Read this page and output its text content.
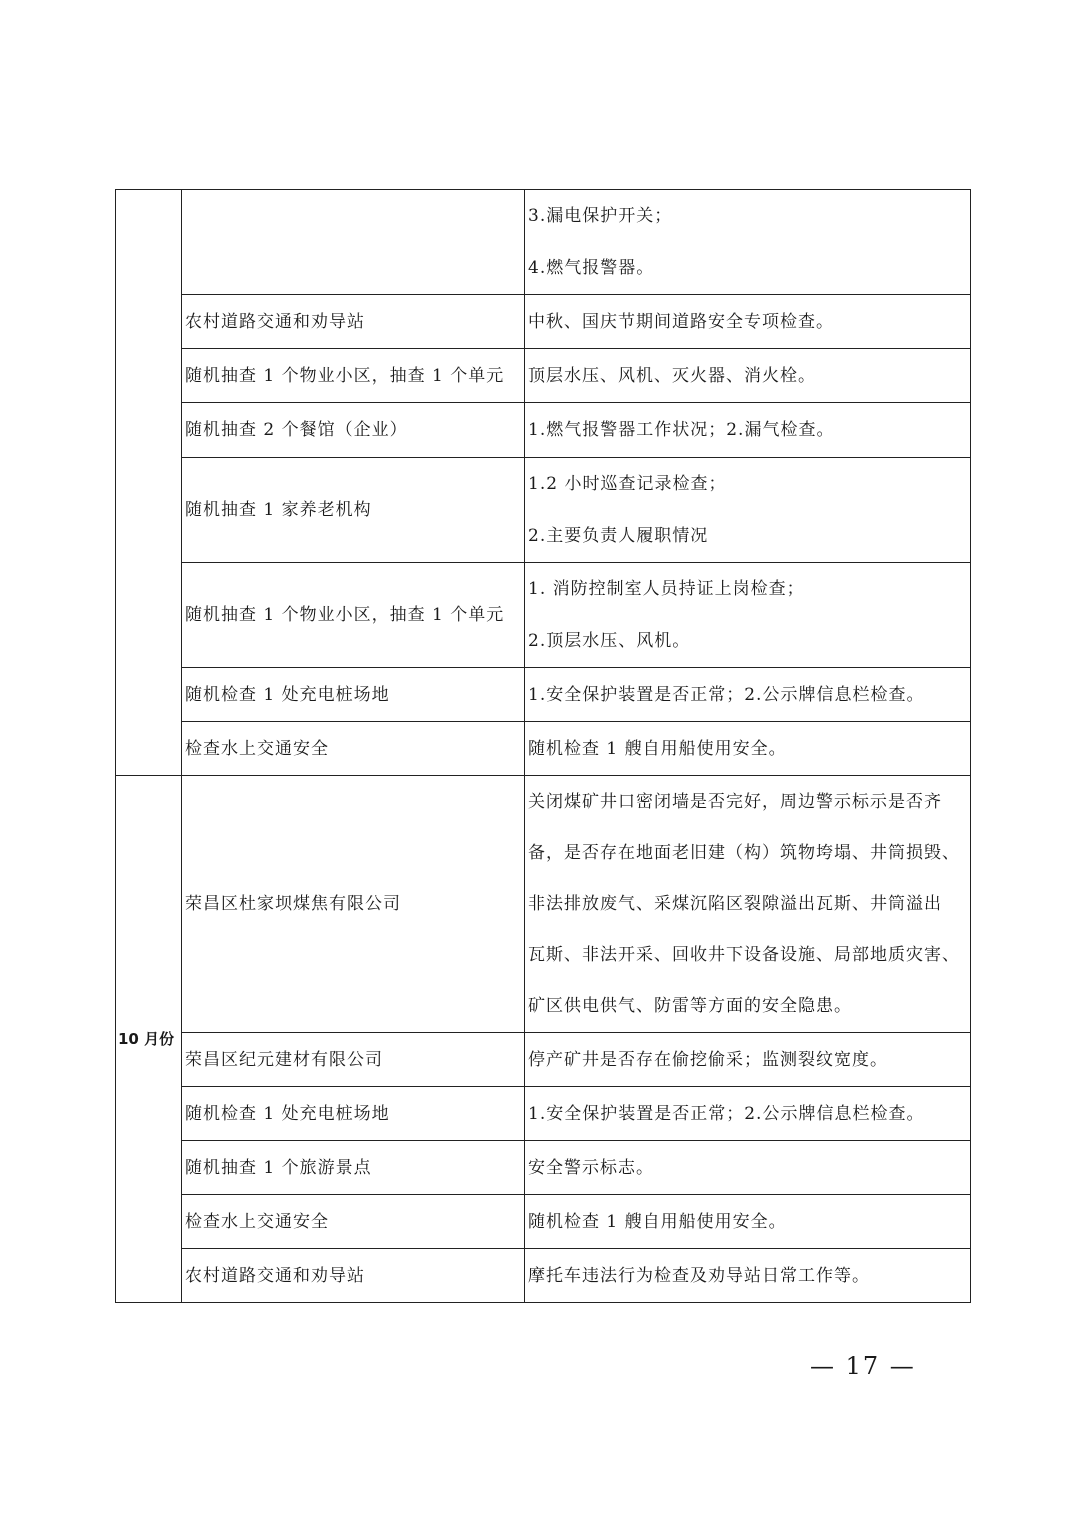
		3.漏电保护开关；
4.燃气报警器。

	农村道路交通和劝导站	中秋、国庆节期间道路安全专项检查。

	随机抽查 1 个物业小区，抽查 1 个单元	顶层水压、风机、灭火器、消火栓。

	随机抽查 2 个餐馆（企业）	1.燃气报警器工作状况；2.漏气检查。

	随机抽查 1 家养老机构	1.2 小时巡查记录检查；
2.主要负责人履职情况

	随机抽查 1 个物业小区，抽查 1 个单元	1. 消防控制室人员持证上岗检查；
2.顶层水压、风机。

	随机检查 1 处充电桩场地	1.安全保护装置是否正常；2.公示牌信息栏检查。

	检查水上交通安全	随机检查 1 艘自用船使用安全。

10 月份	荣昌区杜家坝煤焦有限公司	关闭煤矿井口密闭墙是否完好，周边警示标示是否齐
备，是否存在地面老旧建（构）筑物垮塌、井筒损毁、
非法排放废气、采煤沉陷区裂隙溢出瓦斯、井筒溢出
瓦斯、非法开采、回收井下设备设施、局部地质灾害、
矿区供电供气、防雷等方面的安全隐患。

	荣昌区纪元建材有限公司	停产矿井是否存在偷挖偷采；监测裂纹宽度。

	随机检查 1 处充电桩场地	1.安全保护装置是否正常；2.公示牌信息栏检查。

	随机抽查 1 个旅游景点	安全警示标志。

	检查水上交通安全	随机检查 1 艘自用船使用安全。

	农村道路交通和劝导站	摩托车违法行为检查及劝导站日常工作等。
— 17 —
